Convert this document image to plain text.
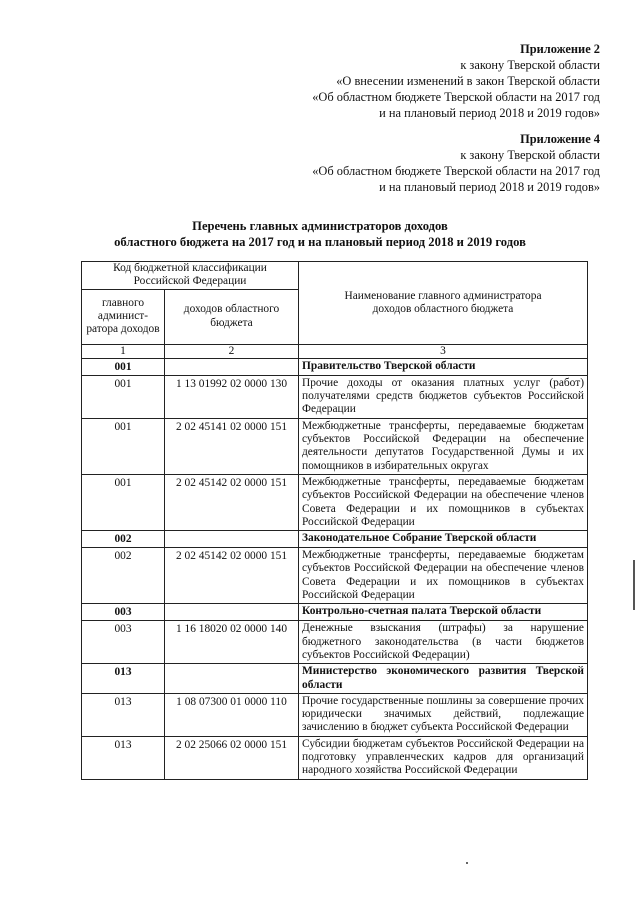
Приложение 2
к закону Тверской области
«О внесении изменений в закон Тверской области
«Об областном бюджете Тверской области на 2017 год
и на плановый период 2018 и 2019 годов»
Приложение 4
к закону Тверской области
«Об областном бюджете Тверской области на 2017 год
и на плановый период 2018 и 2019 годов»
Перечень главных администраторов доходов
областного бюджета на 2017 год и на плановый период 2018 и 2019 годов
Код бюджетной классификации Российской Федерации		Наименование главного администратора доходов областного бюджета
главного админист-ратора доходов	доходов областного бюджета	
1	2	3
001		Правительство Тверской области
001	1 13 01992 02 0000 130	Прочие доходы от оказания платных услуг (работ) получателями средств бюджетов субъектов Российской Федерации
001	2 02 45141 02 0000 151	Межбюджетные трансферты, передаваемые бюджетам субъектов Российской Федерации на обеспечение деятельности депутатов Государственной Думы и их помощников в избирательных округах
001	2 02 45142 02 0000 151	Межбюджетные трансферты, передаваемые бюджетам субъектов Российской Федерации на обеспечение членов Совета Федерации и их помощников в субъектах Российской Федерации
002		Законодательное Собрание Тверской области
002	2 02 45142 02 0000 151	Межбюджетные трансферты, передаваемые бюджетам субъектов Российской Федерации на обеспечение членов Совета Федерации и их помощников в субъектах Российской Федерации
003		Контрольно-счетная палата Тверской области
003	1 16 18020 02 0000 140	Денежные взыскания (штрафы) за нарушение бюджетного законодательства (в части бюджетов субъектов Российской Федерации)
013		Министерство экономического развития Тверской области
013	1 08 07300 01 0000 110	Прочие государственные пошлины за совершение прочих юридически значимых действий, подлежащие зачислению в бюджет субъекта Российской Федерации
013	2 02 25066 02 0000 151	Субсидии бюджетам субъектов Российской Федерации на подготовку управленческих кадров для организаций народного хозяйства Российской Федерации
